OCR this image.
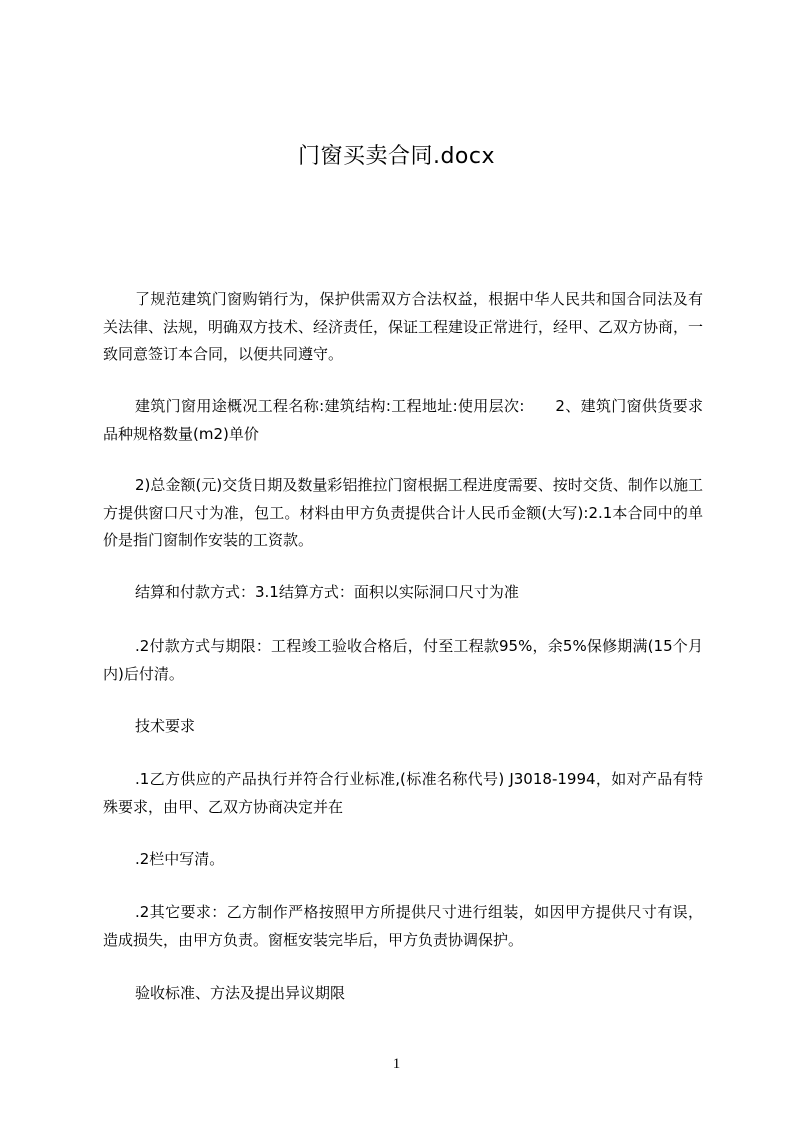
门窗买卖合同.docx

了规范建筑门窗购销行为，保护供需双方合法权益，根据中华人民共和国合同法及有关法律、法规，明确双方技术、经济责任，保证工程建设正常进行，经甲、乙双方协商，一致同意签订本合同，以便共同遵守。

建筑门窗用途概况工程名称:建筑结构:工程地址:使用层次:　　2、建筑门窗供货要求品种规格数量(m2)单价

2)总金额(元)交货日期及数量彩铝推拉门窗根据工程进度需要、按时交货、制作以施工方提供窗口尺寸为准，包工。材料由甲方负责提供合计人民币金额(大写):2.1本合同中的单价是指门窗制作安装的工资款。

结算和付款方式：3.1结算方式：面积以实际洞口尺寸为准

.2付款方式与期限：工程竣工验收合格后，付至工程款95%，余5%保修期满(15个月内)后付清。

技术要求

.1乙方供应的产品执行并符合行业标准,(标准名称代号) J3018-1994，如对产品有特殊要求，由甲、乙双方协商决定并在

.2栏中写清。

.2其它要求：乙方制作严格按照甲方所提供尺寸进行组装，如因甲方提供尺寸有误，造成损失，由甲方负责。窗框安装完毕后，甲方负责协调保护。

验收标准、方法及提出异议期限

1
